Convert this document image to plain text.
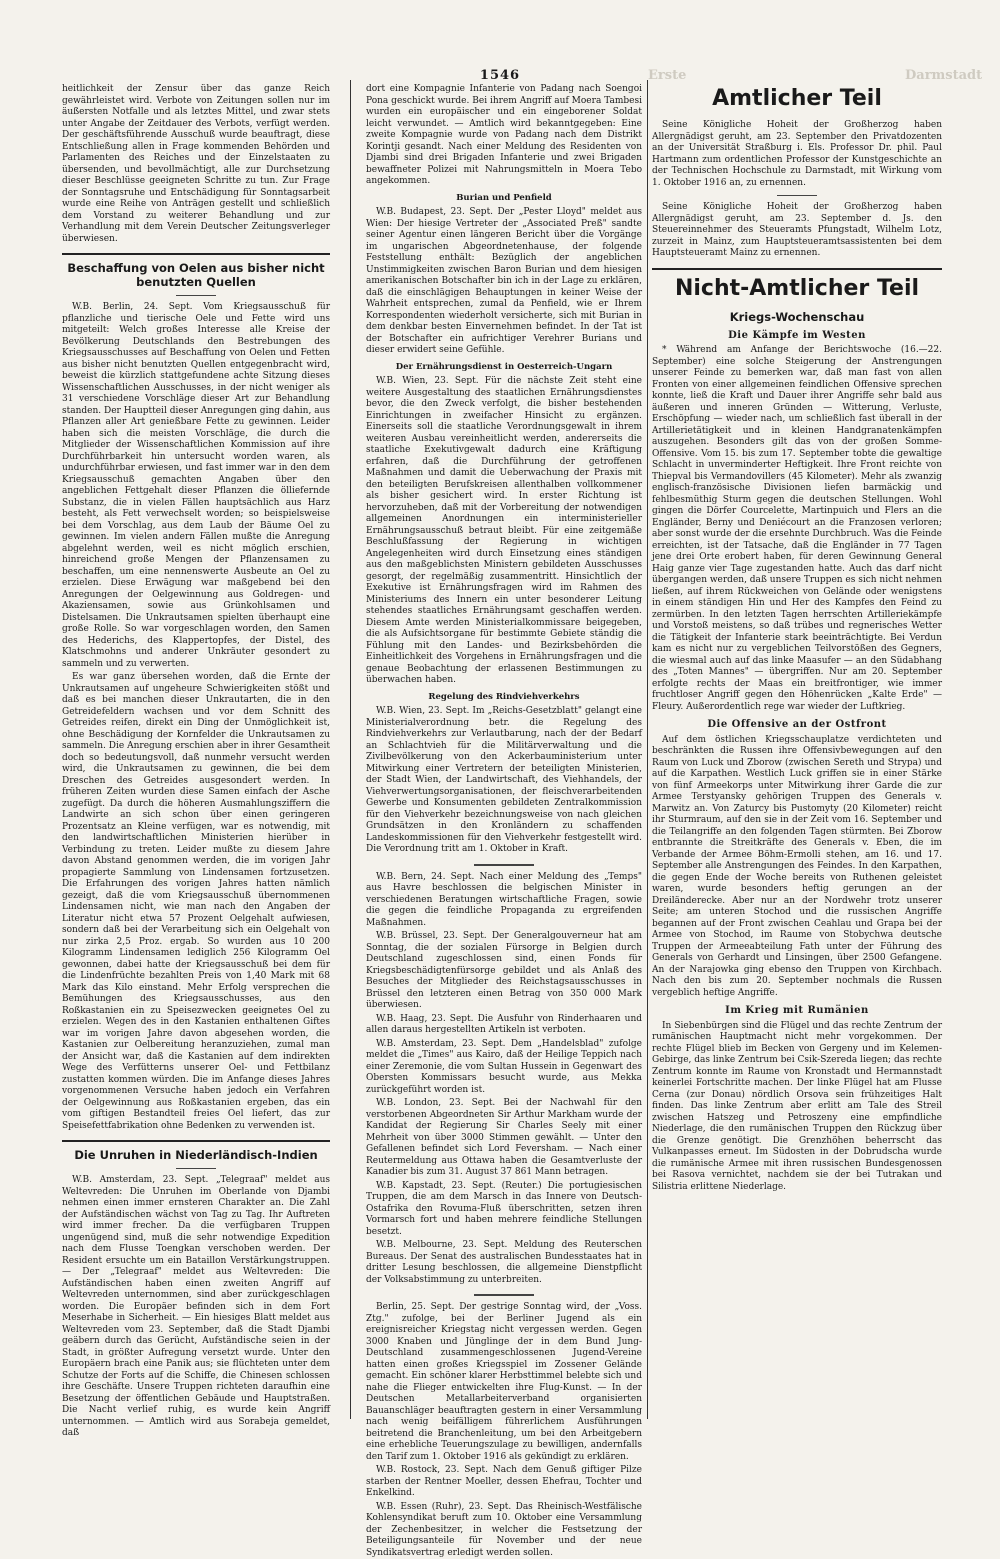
Erste	Darmstadt
1546

heitlichkeit der Zensur über das ganze Reich gewährleistet wird. Verbote von Zeitungen sollen nur im äußersten Notfalle und als letztes Mittel, und zwar stets unter Angabe der Zeitdauer des Verbots, verfügt werden. Der geschäftsführende Ausschuß wurde beauftragt, diese Entschließung allen in Frage kommenden Behörden und Parlamenten des Reiches und der Einzelstaaten zu übersenden, und bevollmächtigt, alle zur Durchsetzung dieser Beschlüsse geeigneten Schritte zu tun. Zur Frage der Sonntagsruhe und Entschädigung für Sonntagsarbeit wurde eine Reihe von Anträgen gestellt und schließlich dem Vorstand zu weiterer Behandlung und zur Verhandlung mit dem Verein Deutscher Zeitungsverleger überwiesen.

Beschaffung von Oelen aus bisher nicht benutzten Quellen

W.B. Berlin, 24. Sept. Vom Kriegsausschuß für pflanzliche und tierische Oele und Fette wird uns mitgeteilt: Welch großes Interesse alle Kreise der Bevölkerung Deutschlands den Bestrebungen des Kriegsausschusses auf Beschaffung von Oelen und Fetten aus bisher nicht benutzten Quellen entgegenbracht wird, beweist die kürzlich stattgefundene achte Sitzung dieses Wissenschaftlichen Ausschusses, in der nicht weniger als 31 verschiedene Vorschläge dieser Art zur Behandlung standen. Der Hauptteil dieser Anregungen ging dahin, aus Pflanzen aller Art genießbare Fette zu gewinnen. Leider haben sich die meisten Vorschläge, die durch die Mitglieder der Wissenschaftlichen Kommission auf ihre Durchführbarkeit hin untersucht worden waren, als undurchführbar erwiesen, und fast immer war in den dem Kriegsausschuß gemachten Angaben über den angeblichen Fettgehalt dieser Pflanzen die ölliefernde Substanz, die in vielen Fällen hauptsächlich aus Harz besteht, als Fett verwechselt worden; so beispielsweise bei dem Vorschlag, aus dem Laub der Bäume Oel zu gewinnen. Im vielen andern Fällen mußte die Anregung abgelehnt werden, weil es nicht möglich erschien, hinreichend große Mengen der Pflanzensamen zu beschaffen, um eine nennenswerte Ausbeute an Oel zu erzielen. Diese Erwägung war maßgebend bei den Anregungen der Oelgewinnung aus Goldregen- und Akaziensamen, sowie aus Grünkohlsamen und Distelsamen. Die Unkrautsamen spielten überhaupt eine große Rolle. So war vorgeschlagen worden, den Samen des Hederichs, des Klappertopfes, der Distel, des Klatschmohns und anderer Unkräuter gesondert zu sammeln und zu verwerten.

Es war ganz übersehen worden, daß die Ernte der Unkrautsamen auf ungeheure Schwierigkeiten stößt und daß es bei manchen dieser Unkrautarten, die in den Getreidefeldern wachsen und vor dem Schnitt des Getreides reifen, direkt ein Ding der Unmöglichkeit ist, ohne Beschädigung der Kornfelder die Unkrautsamen zu sammeln. Die Anregung erschien aber in ihrer Gesamtheit doch so bedeutungsvoll, daß nunmehr versucht werden wird, die Unkrautsamen zu gewinnen, die bei dem Dreschen des Getreides ausgesondert werden. In früheren Zeiten wurden diese Samen einfach der Asche zugefügt. Da durch die höheren Ausmahlungsziffern die Landwirte an sich schon über einen geringeren Prozentsatz an Kleine verfügen, war es notwendig, mit den landwirtschaftlichen Ministerien hierüber in Verbindung zu treten. Leider mußte zu diesem Jahre davon Abstand genommen werden, die im vorigen Jahr propagierte Sammlung von Lindensamen fortzusetzen. Die Erfahrungen des vorigen Jahres hatten nämlich gezeigt, daß die vom Kriegsausschuß übernommenen Lindensamen nicht, wie man nach den Angaben der Literatur nicht etwa 57 Prozent Oelgehalt aufwiesen, sondern daß bei der Verarbeitung sich ein Oelgehalt von nur zirka 2,5 Proz. ergab. So wurden aus 10 200 Kilogramm Lindensamen lediglich 256 Kilogramm Oel gewonnen, dabei hatte der Kriegsausschuß bei dem für die Lindenfrüchte bezahlten Preis von 1,40 Mark mit 68 Mark das Kilo einstand. Mehr Erfolg versprechen die Bemühungen des Kriegsausschusses, aus den Roßkastanien ein zu Speisezwecken geeignetes Oel zu erzielen. Wegen des in den Kastanien enthaltenen Giftes war im vorigen Jahre davon abgesehen worden, die Kastanien zur Oelbereitung heranzuziehen, zumal man der Ansicht war, daß die Kastanien auf dem indirekten Wege des Verfütterns unserer Oel- und Fettbilanz zustatten kommen würden. Die im Anfange dieses Jahres vorgenommenen Versuche haben jedoch ein Verfahren der Oelgewinnung aus Roßkastanien ergeben, das ein vom giftigen Bestandteil freies Oel liefert, das zur Speisefettfabrikation ohne Bedenken zu verwenden ist.

Die Unruhen in Niederländisch-Indien

W.B. Amsterdam, 23. Sept. „Telegraaf" meldet aus Weltevreden: Die Unruhen im Oberlande von Djambi nehmen einen immer ernsteren Charakter an. Die Zahl der Aufständischen wächst von Tag zu Tag. Ihr Auftreten wird immer frecher. Da die verfügbaren Truppen ungenügend sind, muß die sehr notwendige Expedition nach dem Flusse Toengkan verschoben werden. Der Resident ersuchte um ein Bataillon Verstärkungstruppen. — Der „Telegraaf" meldet aus Weltevreden: Die Aufständischen haben einen zweiten Angriff auf Weltevreden unternommen, sind aber zurückgeschlagen worden. Die Europäer befinden sich in dem Fort Meserhabe in Sicherheit. — Ein hiesiges Blatt meldet aus Weltevreden vom 23. September, daß die Stadt Djambi geäbern durch das Gerücht, Aufständische seien in der Stadt, in größter Aufregung versetzt wurde. Unter den Europäern brach eine Panik aus; sie flüchteten unter dem Schutze der Forts auf die Schiffe, die Chinesen schlossen ihre Geschäfte. Unsere Truppen richteten daraufhin eine Besetzung der öffentlichen Gebäude und Hauptstraßen. Die Nacht verlief ruhig, es wurde kein Angriff unternommen. — Amtlich wird aus Sorabeja gemeldet, daß

dort eine Kompagnie Infanterie von Padang nach Soengoi Pona geschickt wurde. Bei ihrem Angriff auf Moera Tambesi wurden ein europäischer und ein eingeborener Soldat leicht verwundet. — Amtlich wird bekanntgegeben: Eine zweite Kompagnie wurde von Padang nach dem Distrikt Korintji gesandt. Nach einer Meldung des Residenten von Djambi sind drei Brigaden Infanterie und zwei Brigaden bewaffneter Polizei mit Nahrungsmitteln in Moera Tebo angekommen.

Burian und Penfield

W.B. Budapest, 23. Sept. Der „Pester Lloyd" meldet aus Wien: Der hiesige Vertreter der „Associated Preß" sandte seiner Agentur einen längeren Bericht über die Vorgänge im ungarischen Abgeordnetenhause, der folgende Feststellung enthält: Bezüglich der angeblichen Unstimmigkeiten zwischen Baron Burian und dem hiesigen amerikanischen Botschafter bin ich in der Lage zu erklären, daß die einschlägigen Behauptungen in keiner Weise der Wahrheit entsprechen, zumal da Penfield, wie er Ihrem Korrespondenten wiederholt versicherte, sich mit Burian in dem denkbar besten Einvernehmen befindet. In der Tat ist der Botschafter ein aufrichtiger Verehrer Burians und dieser erwidert seine Gefühle.

Der Ernährungsdienst in Oesterreich-Ungarn

W.B. Wien, 23. Sept. Für die nächste Zeit steht eine weitere Ausgestaltung des staatlichen Ernährungsdienstes bevor, die den Zweck verfolgt, die bisher bestehenden Einrichtungen in zweifacher Hinsicht zu ergänzen. Einerseits soll die staatliche Verordnungsgewalt in ihrem weiteren Ausbau vereinheitlicht werden, andererseits die staatliche Exekutivgewalt dadurch eine Kräftigung erfahren, daß die Durchführung der getroffenen Maßnahmen und damit die Ueberwachung der Praxis mit den beteiligten Berufskreisen allenthalben vollkommener als bisher gesichert wird. In erster Richtung ist hervorzuheben, daß mit der Vorbereitung der notwendigen allgemeinen Anordnungen ein interministerieller Ernährungsausschuß betraut bleibt. Für eine zeitgemäße Beschlußfassung der Regierung in wichtigen Angelegenheiten wird durch Einsetzung eines ständigen aus den maßgeblichsten Ministern gebildeten Ausschusses gesorgt, der regelmäßig zusammentritt. Hinsichtlich der Exekutive ist Ernährungsfragen wird im Rahmen des Ministeriums des Innern ein unter besonderer Leitung stehendes staatliches Ernährungsamt geschaffen werden. Diesem Amte werden Ministerialkommissare beigegeben, die als Aufsichtsorgane für bestimmte Gebiete ständig die Fühlung mit den Landes- und Bezirksbehörden die Einheitlichkeit des Vorgehens in Ernährungsfragen und die genaue Beobachtung der erlassenen Bestimmungen zu überwachen haben.

Regelung des Rindviehverkehrs

W.B. Wien, 23. Sept. Im „Reichs-Gesetzblatt" gelangt eine Ministerialverordnung betr. die Regelung des Rindviehverkehrs zur Verlautbarung, nach der der Bedarf an Schlachtvieh für die Militärverwaltung und die Zivilbevölkerung von den Ackerbauministerium unter Mitwirkung einer Vertretern der beteiligten Ministerien, der Stadt Wien, der Landwirtschaft, des Viehhandels, der Viehverwertungsorganisationen, der fleischverarbeitenden Gewerbe und Konsumenten gebildeten Zentralkommission für den Viehverkehr bezeichnungsweise von nach gleichen Grundsätzen in den Kronländern zu schaffenden Landeskommissionen für den Viehverkehr festgestellt wird. Die Verordnung tritt am 1. Oktober in Kraft.

W.B. Bern, 24. Sept. Nach einer Meldung des „Temps" aus Havre beschlossen die belgischen Minister in verschiedenen Beratungen wirtschaftliche Fragen, sowie die gegen die feindliche Propaganda zu ergreifenden Maßnahmen.

W.B. Brüssel, 23. Sept. Der Generalgouverneur hat am Sonntag, die der sozialen Fürsorge in Belgien durch Deutschland zugeschlossen sind, einen Fonds für Kriegsbeschädigtenfürsorge gebildet und als Anlaß des Besuches der Mitglieder des Reichstagsausschusses in Brüssel den letzteren einen Betrag von 350 000 Mark überwiesen.

W.B. Haag, 23. Sept. Die Ausfuhr von Rinderhaaren und allen daraus hergestellten Artikeln ist verboten.

W.B. Amsterdam, 23. Sept. Dem „Handelsblad" zufolge meldet die „Times" aus Kairo, daß der Heilige Teppich nach einer Zeremonie, die vom Sultan Hussein in Gegenwart des Obersten Kommissars besucht wurde, aus Mekka zurückgeführt worden ist.

W.B. London, 23. Sept. Bei der Nachwahl für den verstorbenen Abgeordneten Sir Arthur Markham wurde der Kandidat der Regierung Sir Charles Seely mit einer Mehrheit von über 3000 Stimmen gewählt. — Unter den Gefallenen befindet sich Lord Feversham. — Nach einer Reutermeldung aus Ottawa haben die Gesamtverluste der Kanadier bis zum 31. August 37 861 Mann betragen.

W.B. Kapstadt, 23. Sept. (Reuter.) Die portugiesischen Truppen, die am dem Marsch in das Innere von Deutsch-Ostafrika den Rovuma-Fluß überschritten, setzen ihren Vormarsch fort und haben mehrere feindliche Stellungen besetzt.

W.B. Melbourne, 23. Sept. Meldung des Reuterschen Bureaus. Der Senat des australischen Bundesstaates hat in dritter Lesung beschlossen, die allgemeine Dienstpflicht der Volksabstimmung zu unterbreiten.

Berlin, 25. Sept. Der gestrige Sonntag wird, der „Voss. Ztg." zufolge, bei der Berliner Jugend als ein ereignisreicher Kriegstag nicht vergessen werden. Gegen 3000 Knaben und Jünglinge der in dem Bund Jung-Deutschland zusammengeschlossenen Jugend-Vereine hatten einen großes Kriegsspiel im Zossener Gelände gemacht. Ein schöner klarer Herbsttimmel belebte sich und nahe die Flieger entwickelten ihre Flug-Kunst. — In der Deutschen Metallarbeiterverband organisierten Bauanschläger beauftragten gestern in einer Versammlung nach wenig beifälligem führerlichem Ausführungen beitretend die Branchenleitung, um bei den Arbeitgebern eine erhebliche Teuerungszulage zu bewilligen, andernfalls den Tarif zum 1. Oktober 1916 als gekündigt zu erklären.

W.B. Rostock, 23. Sept. Nach dem Genuß giftiger Pilze starben der Rentner Moeller, dessen Ehefrau, Tochter und Enkelkind.

W.B. Essen (Ruhr), 23. Sept. Das Rheinisch-Westfälische Kohlensyndikat beruft zum 10. Oktober eine Versammlung der Zechenbesitzer, in welcher die Festsetzung der Beteiligungsanteile für November und der neue Syndikatsvertrag erledigt werden sollen.

Amtlicher Teil

Seine Königliche Hoheit der Großherzog haben Allergnädigst geruht, am 23. September den Privatdozenten an der Universität Straßburg i. Els. Professor Dr. phil. Paul Hartmann zum ordentlichen Professor der Kunstgeschichte an der Technischen Hochschule zu Darmstadt, mit Wirkung vom 1. Oktober 1916 an, zu ernennen.

Seine Königliche Hoheit der Großherzog haben Allergnädigst geruht, am 23. September d. Js. den Steuereinnehmer des Steueramts Pfungstadt, Wilhelm Lotz, zurzeit in Mainz, zum Hauptsteueramtsassistenten bei dem Hauptsteueramt Mainz zu ernennen.

Nicht-Amtlicher Teil
Kriegs-Wochenschau
Die Kämpfe im Westen

* Während am Anfange der Berichtswoche (16.—22. September) eine solche Steigerung der Anstrengungen unserer Feinde zu bemerken war, daß man fast von allen Fronten von einer allgemeinen feindlichen Offensive sprechen konnte, ließ die Kraft und Dauer ihrer Angriffe sehr bald aus äußeren und inneren Gründen — Witterung, Verluste, Erschöpfung — wieder nach, um schließlich fast überall in der Artillerietätigkeit und in kleinen Handgranatenkämpfen auszugehen. Besonders gilt das von der großen Somme-Offensive. Vom 15. bis zum 17. September tobte die gewaltige Schlacht in unverminderter Heftigkeit. Ihre Front reichte von Thiepval bis Vermandovillers (45 Kilometer). Mehr als zwanzig englisch-französische Divisionen liefen barmäckig und fehlbesmüthig Sturm gegen die deutschen Stellungen. Wohl gingen die Dörfer Courcelette, Martinpuich und Flers an die Engländer, Berny und Deniécourt an die Franzosen verloren; aber sonst wurde der die ersehnte Durchbruch. Was die Feinde erreichten, ist der Tatsache, daß die Engländer in 77 Tagen jene drei Orte erobert haben, für deren Gewinnung General Haig ganze vier Tage zugestanden hatte. Auch das darf nicht übergangen werden, daß unsere Truppen es sich nicht nehmen ließen, auf ihrem Rückweichen von Gelände oder wenigstens in einem ständigen Hin und Her des Kampfes den Feind zu zermürben. In den letzten Tagen herrschten Artilleriekämpfe und Vorstoß meistens, so daß trübes und regnerisches Wetter die Tätigkeit der Infanterie stark beeinträchtigte. Bei Verdun kam es nicht nur zu vergeblichen Teilvorstößen des Gegners, die wiesmal auch auf das linke Maasufer — an den Südabhang des „Toten Mannes" — übergriffen. Nur am 20. September erfolgte rechts der Maas ein breitfrontiger, wie immer fruchtloser Angriff gegen den Höhenrücken „Kalte Erde" — Fleury. Außerordentlich rege war wieder der Luftkrieg.

Die Offensive an der Ostfront

Auf dem östlichen Kriegsschauplatze verdichteten und beschränkten die Russen ihre Offensivbewegungen auf den Raum von Luck und Zborow (zwischen Sereth und Strypa) und auf die Karpathen. Westlich Luck griffen sie in einer Stärke von fünf Armeekorps unter Mitwirkung ihrer Garde die zur Armee Terstyansky gehörigen Truppen des Generals v. Marwitz an. Von Zaturcy bis Pustomyty (20 Kilometer) reicht ihr Sturmraum, auf den sie in der Zeit vom 16. September und die Teilangriffe an den folgenden Tagen stürmten. Bei Zborow entbrannte die Streitkräfte des Generals v. Eben, die im Verbande der Armee Böhm-Ermolli stehen, am 16. und 17. September alle Anstrengungen des Feindes. In den Karpathen, die gegen Ende der Woche bereits von Ruthenen geleistet waren, wurde besonders heftig gerungen an der Dreiländerecke. Aber nur an der Nordwehr trotz unserer Seite; am unteren Stochod und die russischen Angriffe begannen auf der Front zwischen Ceahlau und Grapa bei der Armee von Stochod, im Raume von Stobychwa deutsche Truppen der Armeeabteilung Fath unter der Führung des Generals von Gerhardt und Linsingen, über 2500 Gefangene. An der Narajowka ging ebenso den Truppen von Kirchbach. Nach den bis zum 20. September nochmals die Russen vergeblich heftige Angriffe.

Im Krieg mit Rumänien

In Siebenbürgen sind die Flügel und das rechte Zentrum der rumänischen Hauptmacht nicht mehr vorgekommen. Der rechte Flügel blieb im Becken von Gergeny und im Kelemen-Gebirge, das linke Zentrum bei Csik-Szereda liegen; das rechte Zentrum konnte im Raume von Kronstadt und Hermannstadt keinerlei Fortschritte machen. Der linke Flügel hat am Flusse Cerna (zur Donau) nördlich Orsova sein frühzeitiges Halt finden. Das linke Zentrum aber erlitt am Tale des Streil zwischen Hatszeg und Petroszeny eine empfindliche Niederlage, die den rumänischen Truppen den Rückzug über die Grenze genötigt. Die Grenzhöhen beherrscht das Vulkanpasses erneut. Im Südosten in der Dobrudscha wurde die rumänische Armee mit ihren russischen Bundesgenossen bei Rasova vernichtet, nachdem sie der bei Tutrakan und Silistria erlittene Niederlage.
